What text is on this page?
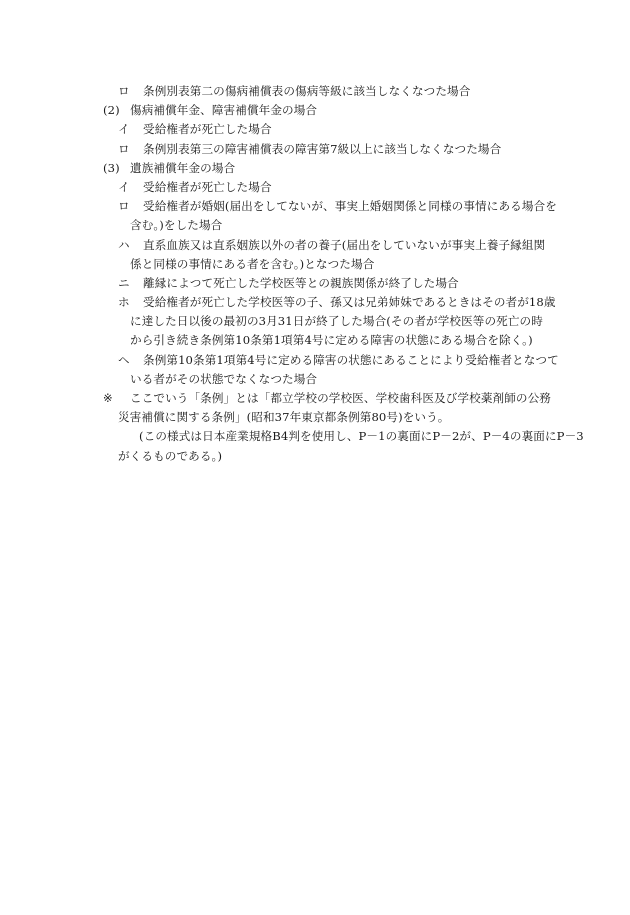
ロ 条例別表第二の傷病補償表の傷病等級に該当しなくなつた場合
(2) 傷病補償年金、障害補償年金の場合
イ 受給権者が死亡した場合
ロ 条例別表第三の障害補償表の障害第7級以上に該当しなくなつた場合
(3) 遺族補償年金の場合
イ 受給権者が死亡した場合
ロ 受給権者が婚姻(届出をしてないが、事実上婚姻関係と同様の事情にある場合を
含む。)をした場合
ハ 直系血族又は直系姻族以外の者の養子(届出をしていないが事実上養子縁組関
係と同様の事情にある者を含む。)となつた場合
ニ 離縁によつて死亡した学校医等との親族関係が終了した場合
ホ 受給権者が死亡した学校医等の子、孫又は兄弟姉妹であるときはその者が18歳
に達した日以後の最初の3月31日が終了した場合(その者が学校医等の死亡の時
から引き続き条例第10条第1項第4号に定める障害の状態にある場合を除く。)
ヘ 条例第10条第1項第4号に定める障害の状態にあることにより受給権者となつて
いる者がその状態でなくなつた場合
※ ここでいう「条例」とは「都立学校の学校医、学校歯科医及び学校薬剤師の公務
災害補償に関する条例」(昭和37年東京都条例第80号)をいう。
(この様式は日本産業規格B4判を使用し、P－1の裏面にP－2が、P－4の裏面にP－3
がくるものである。)
